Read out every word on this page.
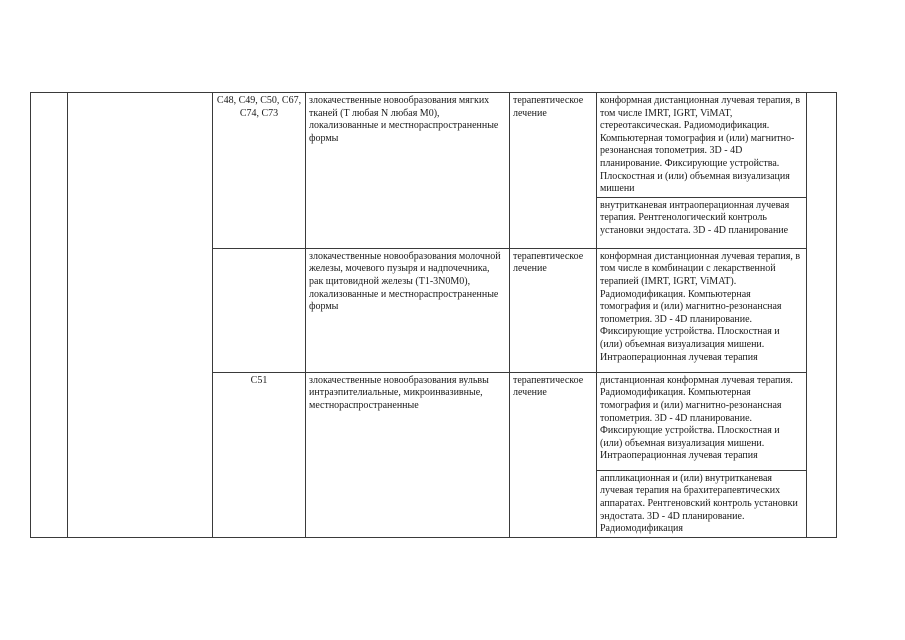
		C48, C49, C50, C67, C74, C73	злокачественные новообразования мягких тканей (T любая N любая M0), локализованные и местнораспространенные формы	терапевтическое лечение	конформная дистанционная лучевая терапия, в том числе IMRT, IGRT, ViMAT, стереотаксическая. Радиомодификация. Компьютерная томография и (или) магнитно-резонансная топометрия. 3D - 4D планирование. Фиксирующие устройства. Плоскостная и (или) объемная визуализация мишени	

					внутритканевая интраоперационная лучевая терапия. Рентгенологический контроль установки эндостата. 3D - 4D планирование	

			злокачественные новообразования молочной железы, мочевого пузыря и надпочечника, рак щитовидной железы (T1-3N0M0), локализованные и местнораспространенные формы	терапевтическое лечение	конформная дистанционная лучевая терапия, в том числе в комбинации с лекарственной терапией (IMRT, IGRT, ViMAT). Радиомодификация. Компьютерная томография и (или) магнитно-резонансная топометрия. 3D - 4D планирование. Фиксирующие устройства. Плоскостная и (или) объемная визуализация мишени. Интраоперационная лучевая терапия	

		C51	злокачественные новообразования вульвы интраэпителиальные, микроинвазивные, местнораспространенные	терапевтическое лечение	дистанционная конформная лучевая терапия. Радиомодификация. Компьютерная томография и (или) магнитно-резонансная топометрия. 3D - 4D планирование. Фиксирующие устройства. Плоскостная и (или) объемная визуализация мишени. Интраоперационная лучевая терапия	

					аппликационная и (или) внутритканевая лучевая терапия на брахитерапевтических аппаратах. Рентгеновский контроль установки эндостата. 3D - 4D планирование. Радиомодификация	
